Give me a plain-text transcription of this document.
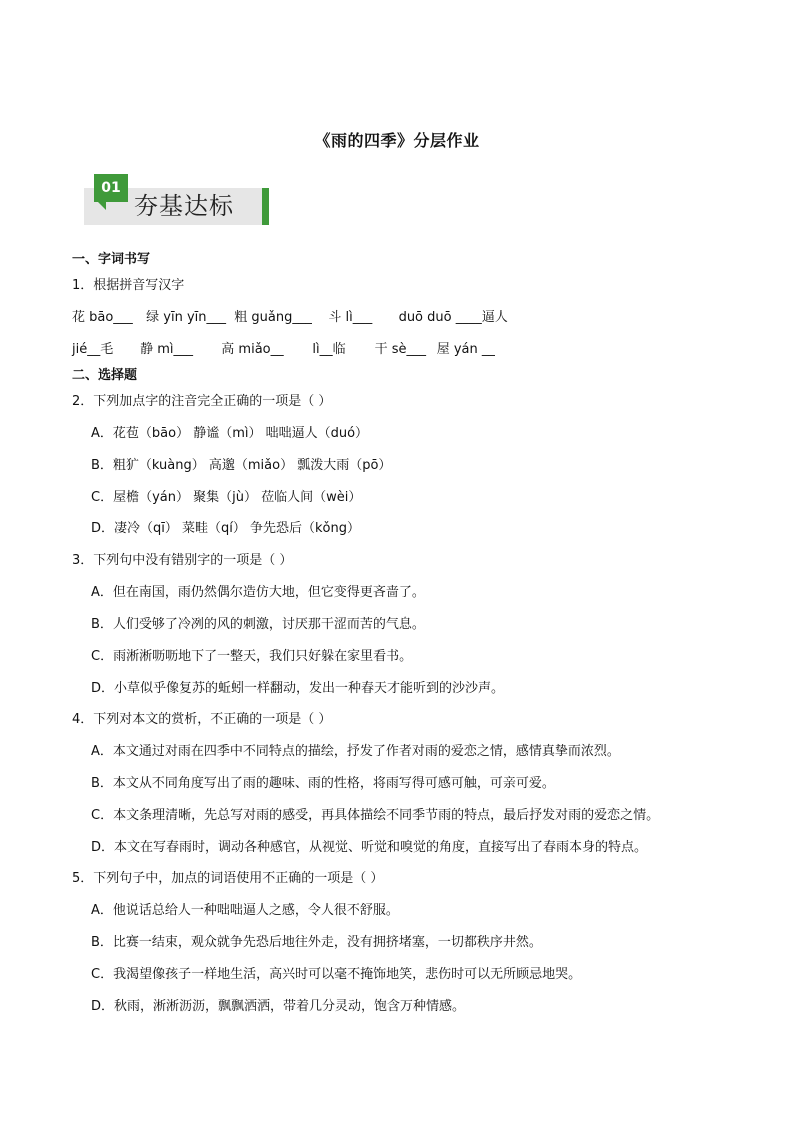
《雨的四季》分层作业
01
夯基达标
一、字词书写
1．根据拼音写汉字
花 bāo___ 绿 yīn yīn___ 粗 guǎng___ 斗 lì___ duō duō ____逼人
jié__毛 静 mì___ 高 miǎo__ lì__临 干 sè___ 屋 yán __
二、选择题
2．下列加点字的注音完全正确的一项是（ ）
A．花苞（bāo） 静谧（mì） 咄咄逼人（duó）
B．粗犷（kuàng） 高邈（miǎo） 瓢泼大雨（pō）
C．屋檐（yán） 聚集（jù） 莅临人间（wèi）
D．凄冷（qī） 菜畦（qí） 争先恐后（kǒng）
3．下列句中没有错别字的一项是（ ）
A．但在南国，雨仍然偶尔造仿大地，但它变得更吝啬了。
B．人们受够了冷冽的风的刺激，讨厌那干涩而苦的气息。
C．雨淅淅呖呖地下了一整天，我们只好躲在家里看书。
D．小草似乎像复苏的蚯蚓一样翻动，发出一种春天才能听到的沙沙声。
4．下列对本文的赏析，不正确的一项是（ ）
A．本文通过对雨在四季中不同特点的描绘，抒发了作者对雨的爱恋之情，感情真挚而浓烈。
B．本文从不同角度写出了雨的趣味、雨的性格，将雨写得可感可触，可亲可爱。
C．本文条理清晰，先总写对雨的感受，再具体描绘不同季节雨的特点，最后抒发对雨的爱恋之情。
D．本文在写春雨时，调动各种感官，从视觉、听觉和嗅觉的角度，直接写出了春雨本身的特点。
5．下列句子中，加点的词语使用不正确的一项是（ ）
A．他说话总给人一种咄咄逼人之感，令人很不舒服。
B．比赛一结束，观众就争先恐后地往外走，没有拥挤堵塞，一切都秩序井然。
C．我渴望像孩子一样地生活，高兴时可以毫不掩饰地笑，悲伤时可以无所顾忌地哭。
D．秋雨，淅淅沥沥，飘飘洒洒，带着几分灵动，饱含万种情感。
